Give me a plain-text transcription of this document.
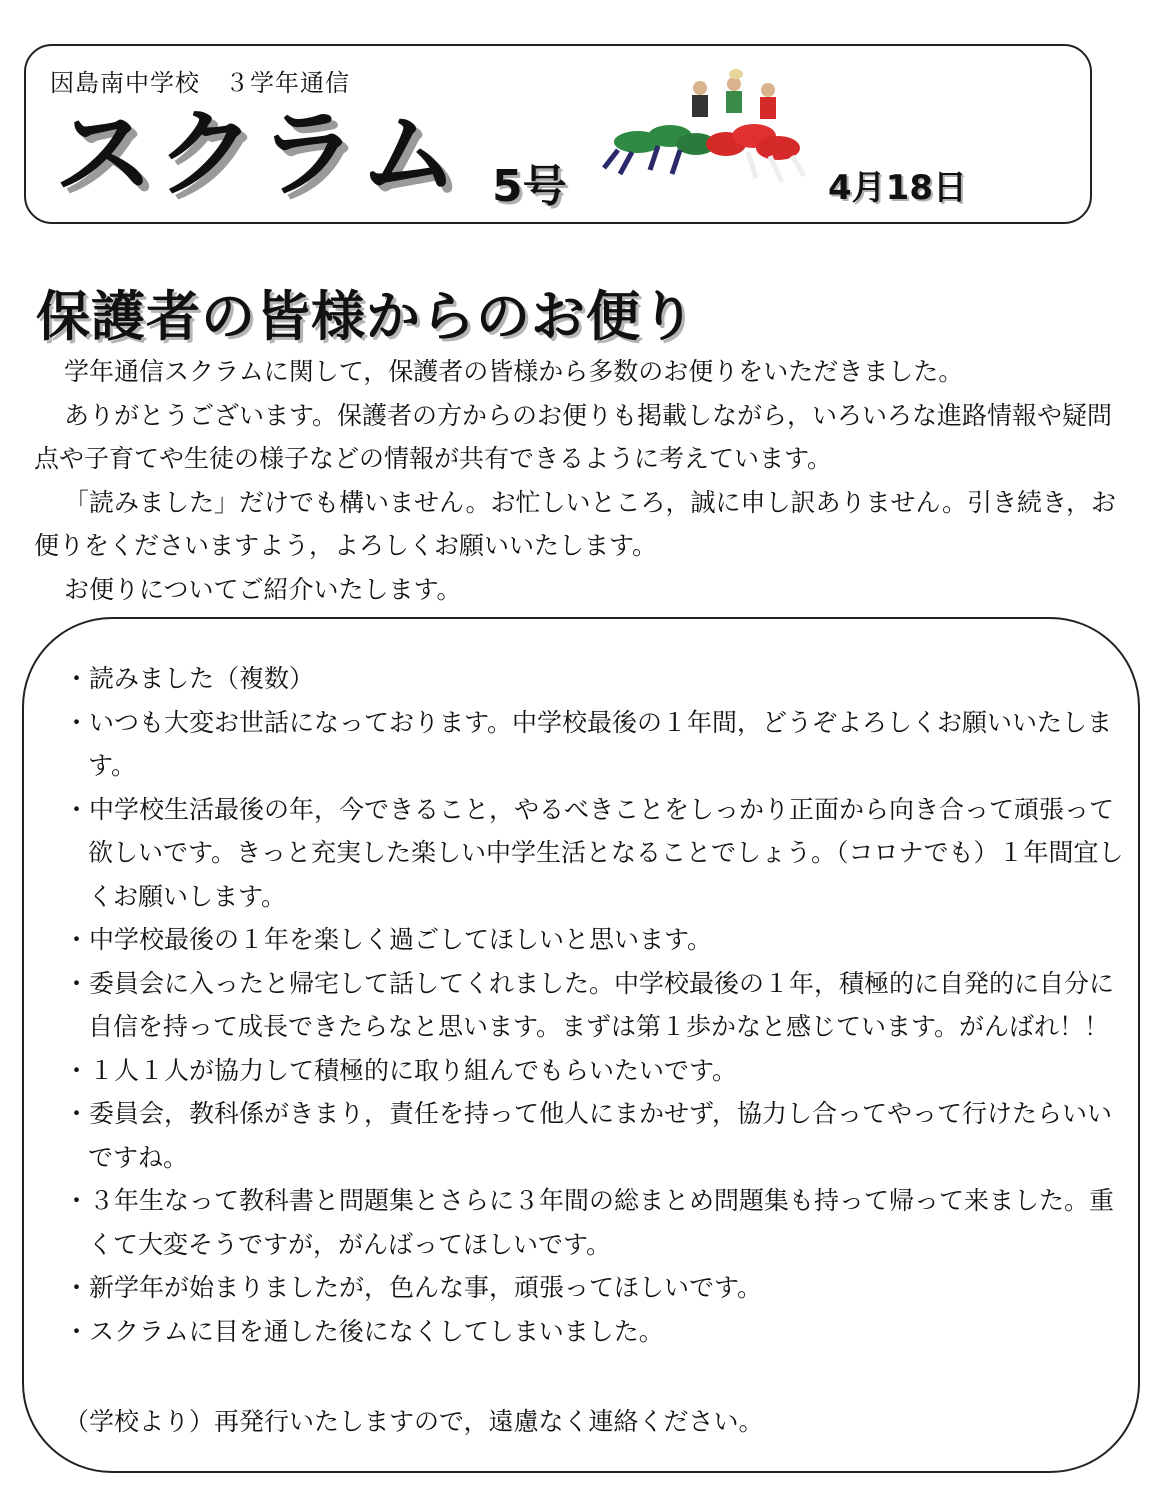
因島南中学校　３学年通信
スクラム 5号	4月18日
保護者の皆様からのお便り

学年通信スクラムに関して，保護者の皆様から多数のお便りをいただきました。

ありがとうございます。保護者の方からのお便りも掲載しながら，いろいろな進路情報や疑問点や子育てや生徒の様子などの情報が共有できるように考えています。

「読みました」だけでも構いません。お忙しいところ，誠に申し訳ありません。引き続き，お便りをくださいますよう，よろしくお願いいたします。

お便りについてご紹介いたします。

・読みました（複数）
・いつも大変お世話になっております。中学校最後の１年間，どうぞよろしくお願いいたします。
・中学校生活最後の年，今できること，やるべきことをしっかり正面から向き合って頑張って欲しいです。きっと充実した楽しい中学生活となることでしょう。（コロナでも）１年間宜しくお願いします。
・中学校最後の１年を楽しく過ごしてほしいと思います。
・委員会に入ったと帰宅して話してくれました。中学校最後の１年，積極的に自発的に自分に自信を持って成長できたらなと思います。まずは第１歩かなと感じています。がんばれ！！
・１人１人が協力して積極的に取り組んでもらいたいです。
・委員会，教科係がきまり，責任を持って他人にまかせず，協力し合ってやって行けたらいいですね。
・３年生なって教科書と問題集とさらに３年間の総まとめ問題集も持って帰って来ました。重くて大変そうですが，がんばってほしいです。
・新学年が始まりましたが，色んな事，頑張ってほしいです。
・スクラムに目を通した後になくしてしまいました。
（学校より）再発行いたしますので，遠慮なく連絡ください。
